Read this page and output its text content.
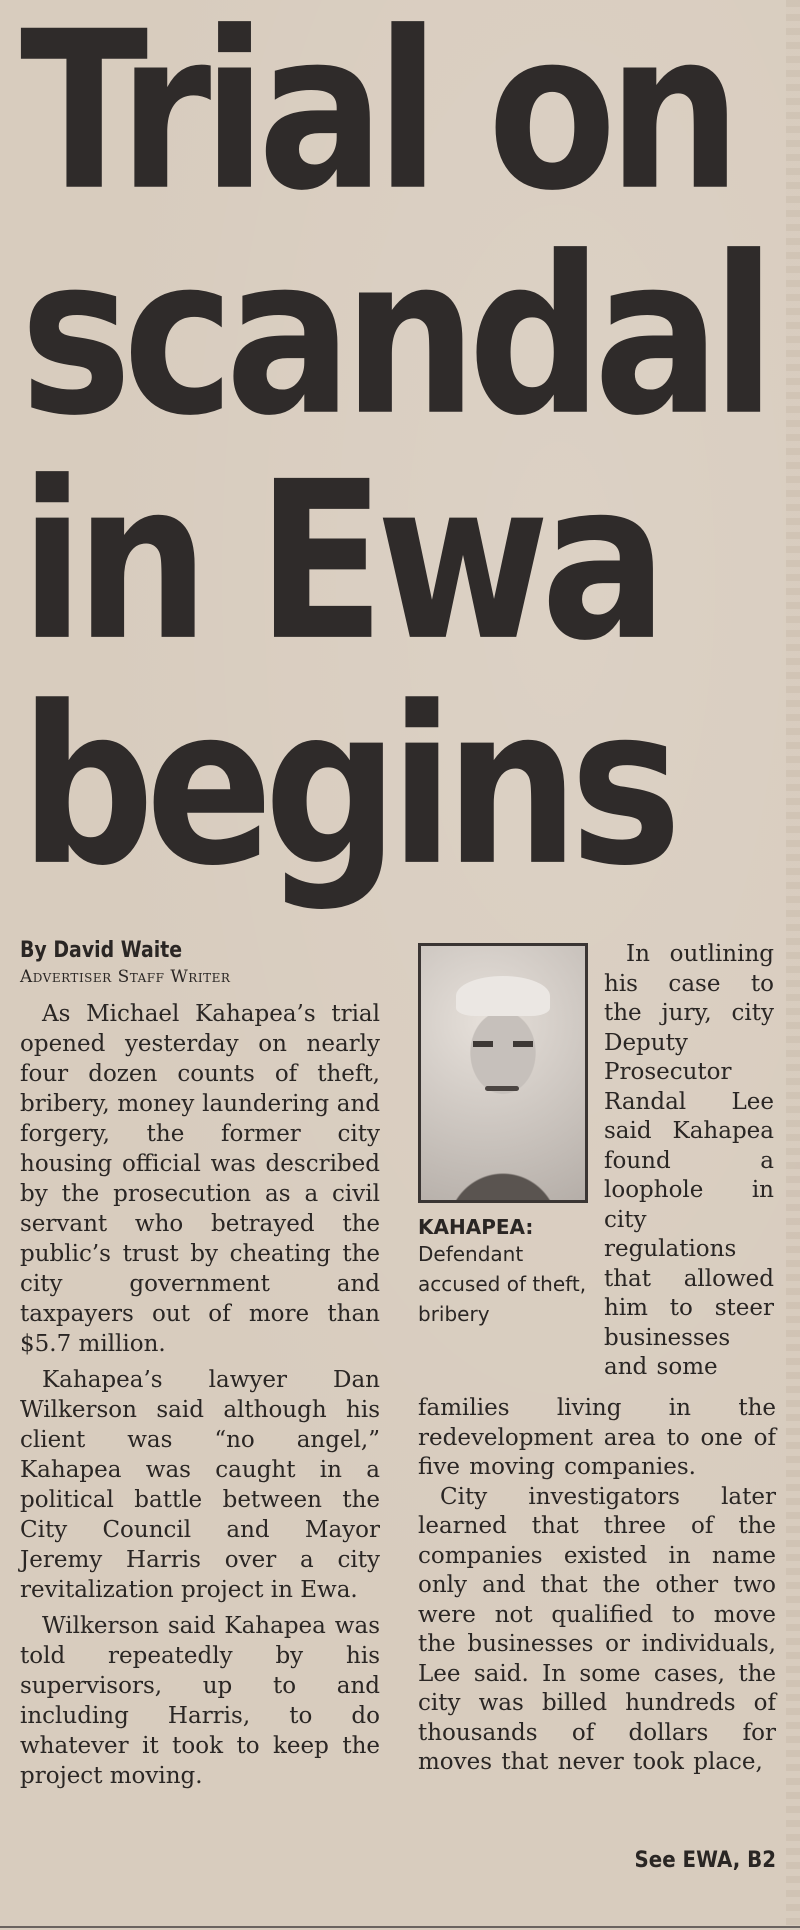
Trial on
scandal
in Ewa
begins

By David Waite

Advertiser Staff Writer

As Michael Kahapea’s trial opened yesterday on nearly four dozen counts of theft, bribery, money laundering and forgery, the former city housing official was described by the prosecution as a civil servant who betrayed the public’s trust by cheating the city government and taxpayers out of more than $5.7 million.

Kahapea’s lawyer Dan Wilkerson said although his client was “no angel,” Kahapea was caught in a political battle between the City Council and Mayor Jeremy Harris over a city revitalization project in Ewa.

Wilkerson said Kahapea was told repeatedly by his supervisors, up to and including Harris, to do whatever it took to keep the project moving.

KAHAPEA:

Defendant accused of theft, bribery

In outlining his case to the jury, city Deputy Prosecutor Randal Lee said Kahapea found a loophole in city regulations that allowed him to steer businesses and some

families living in the redevelopment area to one of five moving companies.

City investigators later learned that three of the companies existed in name only and that the other two were not qualified to move the businesses or individuals, Lee said. In some cases, the city was billed hundreds of thousands of dollars for moves that never took place,

See EWA, B2
